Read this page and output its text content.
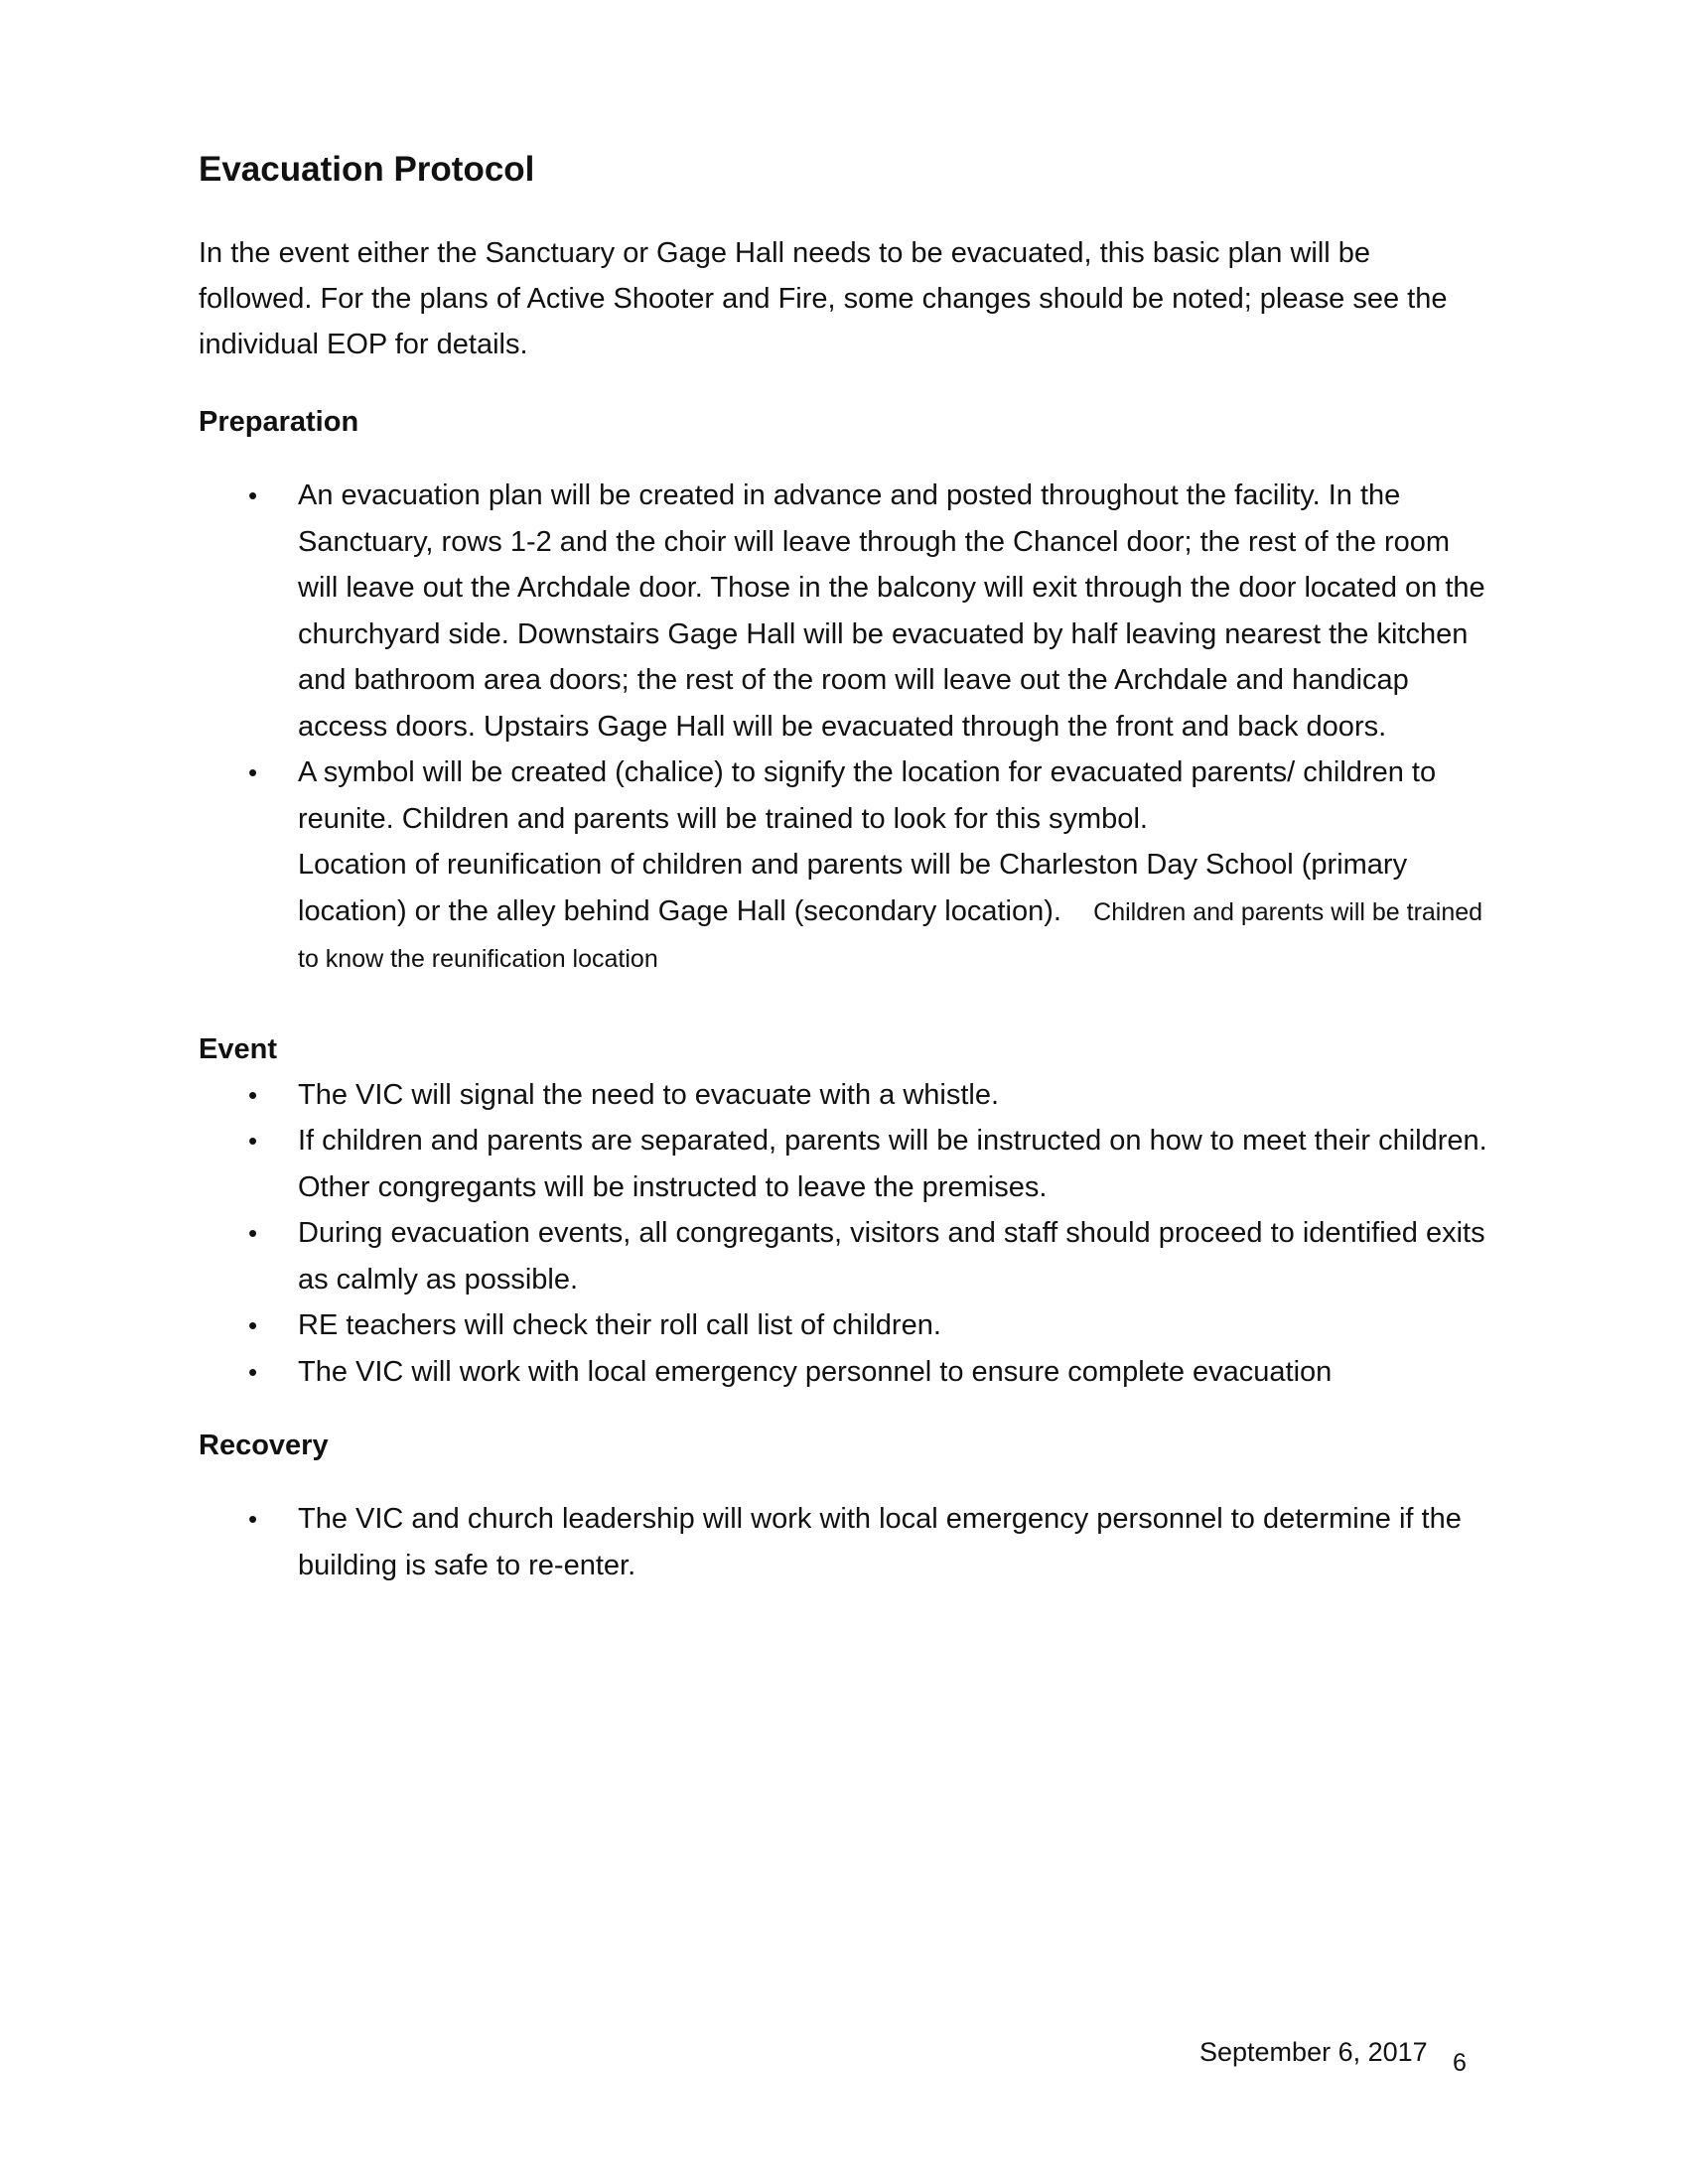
Evacuation Protocol

In the event either the Sanctuary or Gage Hall needs to be evacuated, this basic plan will be followed. For the plans of Active Shooter and Fire, some changes should be noted; please see the individual EOP for details.

Preparation
• An evacuation plan will be created in advance and posted throughout the facility. In the Sanctuary, rows 1-2 and the choir will leave through the Chancel door; the rest of the room will leave out the Archdale door. Those in the balcony will exit through the door located on the churchyard side. Downstairs Gage Hall will be evacuated by half leaving nearest the kitchen and bathroom area doors; the rest of the room will leave out the Archdale and handicap access doors. Upstairs Gage Hall will be evacuated through the front and back doors.
• A symbol will be created (chalice) to signify the location for evacuated parents/ children to reunite. Children and parents will be trained to look for this symbol.
Location of reunification of children and parents will be Charleston Day School (primary location) or the alley behind Gage Hall (secondary location). Children and parents will be trained to know the reunification location
Event
• The VIC will signal the need to evacuate with a whistle.
• If children and parents are separated, parents will be instructed on how to meet their children. Other congregants will be instructed to leave the premises.
• During evacuation events, all congregants, visitors and staff should proceed to identified exits as calmly as possible.
• RE teachers will check their roll call list of children.
• The VIC will work with local emergency personnel to ensure complete evacuation
Recovery
• The VIC and church leadership will work with local emergency personnel to determine if the building is safe to re-enter.
September 6, 2017 6
